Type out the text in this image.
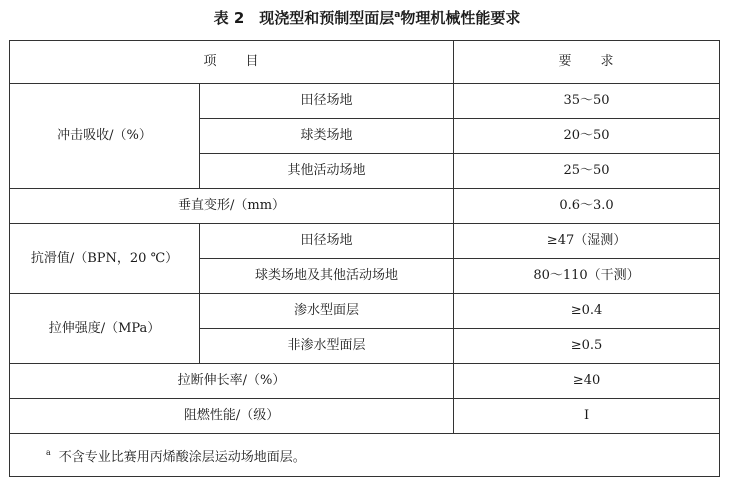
表 2　现浇型和预制型面层$^a$物理机械性能要求
项　　目		要　　求
冲击吸收/（%）	田径场地	35～50
	球类场地	20～50
	其他活动场地	25～50
垂直变形/（mm）		0.6～3.0
抗滑值/（BPN，20 ℃）	田径场地	≥47（湿测）
	球类场地及其他活动场地	80～110（干测）
拉伸强度/（MPa）	渗水型面层	≥0.4
	非渗水型面层	≥0.5
拉断伸长率/（%）		≥40
阻燃性能/（级）		Ⅰ
$^a$ 不含专业比赛用丙烯酸涂层运动场地面层。		
